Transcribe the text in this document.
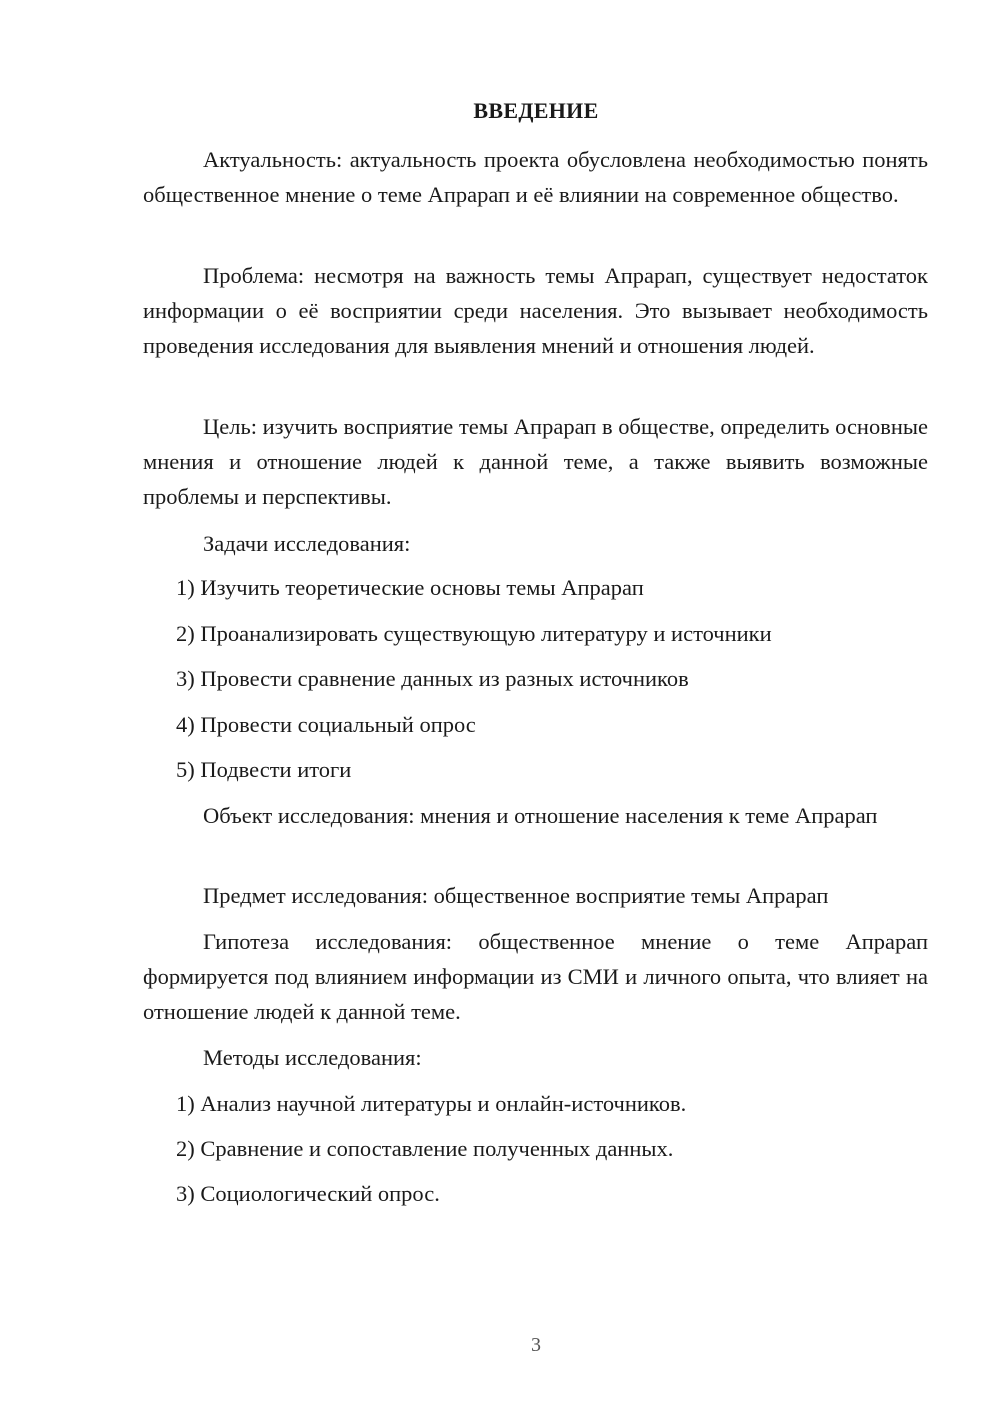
ВВЕДЕНИЕ

Актуальность: актуальность проекта обусловлена необходимостью понять общественное мнение о теме Апрарап и её влиянии на современное общество.

Проблема: несмотря на важность темы Апрарап, существует недостаток информации о её восприятии среди населения. Это вызывает необходимость проведения исследования для выявления мнений и отношения людей.

Цель: изучить восприятие темы Апрарап в обществе, определить основные мнения и отношение людей к данной теме, а также выявить возможные проблемы и перспективы.

Задачи исследования:

1) Изучить теоретические основы темы Апрарап
2) Проанализировать существующую литературу и источники
3) Провести сравнение данных из разных источников
4) Провести социальный опрос
5) Подвести итоги

Объект исследования: мнения и отношение населения к теме Апрарап

Предмет исследования: общественное восприятие темы Апрарап

Гипотеза исследования: общественное мнение о теме Апрарап формируется под влиянием информации из СМИ и личного опыта, что влияет на отношение людей к данной теме.

Методы исследования:

1) Анализ научной литературы и онлайн-источников.
2) Сравнение и сопоставление полученных данных.
3) Социологический опрос.
3
